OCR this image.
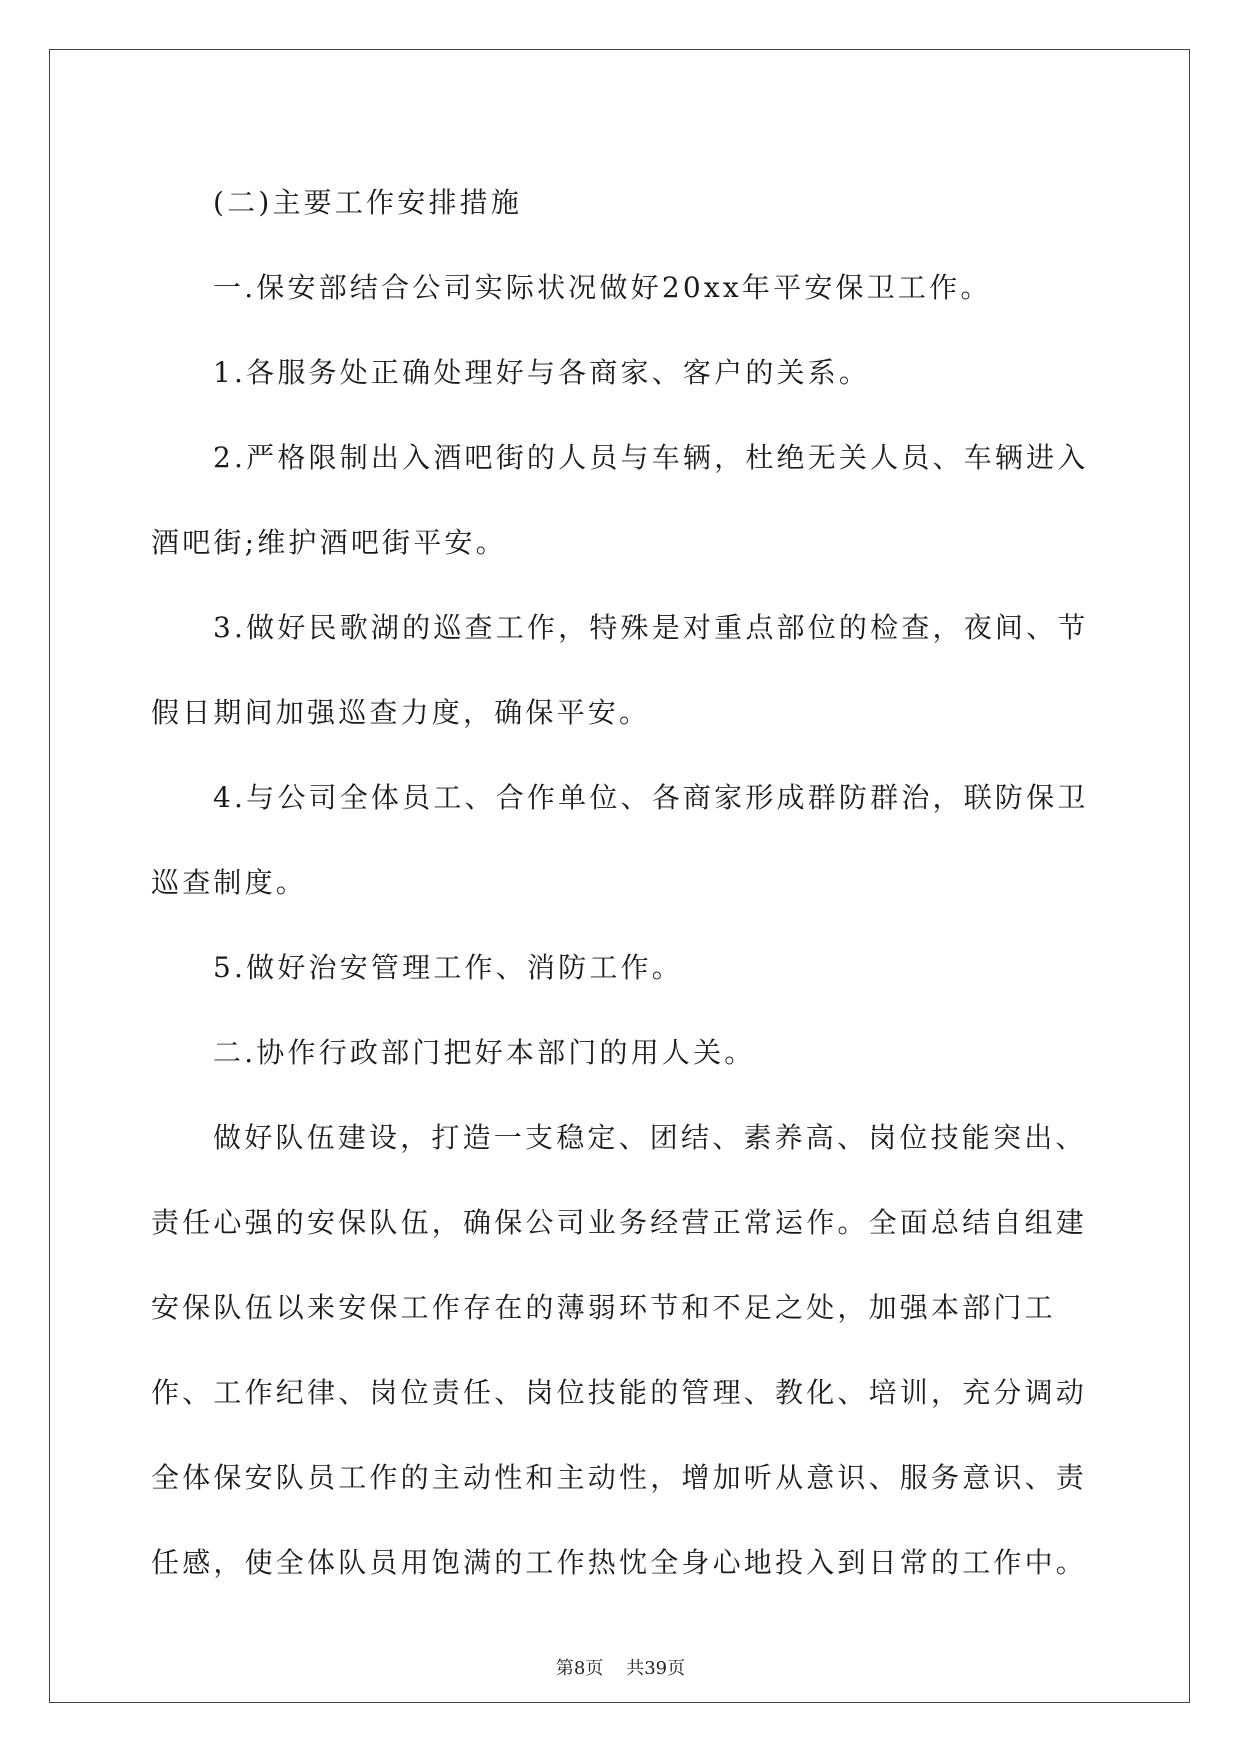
(二)主要工作安排措施

一.保安部结合公司实际状况做好20xx年平安保卫工作。

1.各服务处正确处理好与各商家、客户的关系。

2.严格限制出入酒吧街的人员与车辆，杜绝无关人员、车辆进入酒吧街;维护酒吧街平安。

3.做好民歌湖的巡查工作，特殊是对重点部位的检查，夜间、节假日期间加强巡查力度，确保平安。

4.与公司全体员工、合作单位、各商家形成群防群治，联防保卫巡查制度。

5.做好治安管理工作、消防工作。

二.协作行政部门把好本部门的用人关。

做好队伍建设，打造一支稳定、团结、素养高、岗位技能突出、责任心强的安保队伍，确保公司业务经营正常运作。全面总结自组建安保队伍以来安保工作存在的薄弱环节和不足之处，加强本部门工作、工作纪律、岗位责任、岗位技能的管理、教化、培训，充分调动全体保安队员工作的主动性和主动性，增加听从意识、服务意识、责任感，使全体队员用饱满的工作热忱全身心地投入到日常的工作中。

第8页    共39页
